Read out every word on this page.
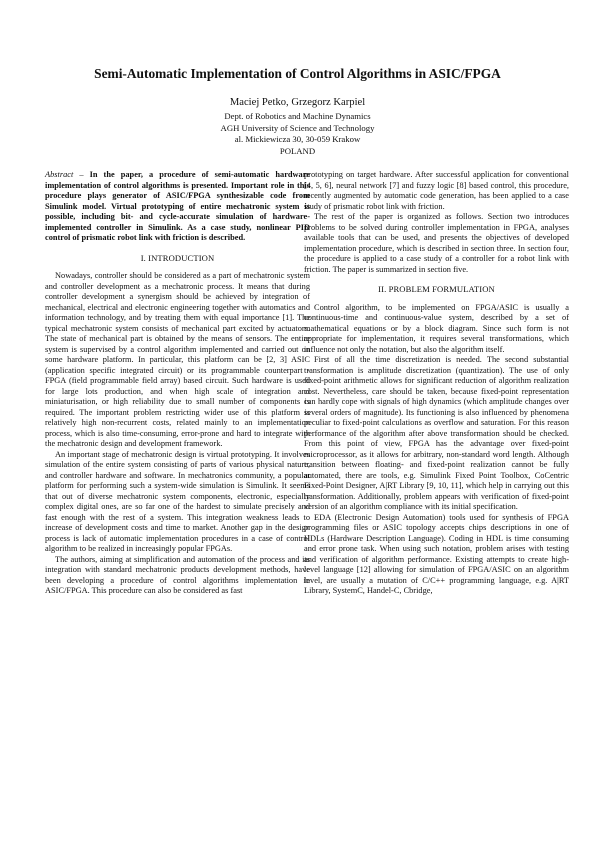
Semi-Automatic Implementation of Control Algorithms in ASIC/FPGA
Maciej Petko, Grzegorz Karpiel
Dept. of Robotics and Machine Dynamics
AGH University of Science and Technology
al. Mickiewicza 30, 30-059 Krakow
POLAND

Abstract – In the paper, a procedure of semi-automatic hardware implementation of control algorithms is presented. Important role in this procedure plays generator of ASIC/FPGA synthesizable code from Simulink model. Virtual prototyping of entire mechatronic system is possible, including bit- and cycle-accurate simulation of hardware-implemented controller in Simulink. As a case study, nonlinear PID control of prismatic robot link with friction is described.

I. INTRODUCTION

Nowadays, controller should be considered as a part of mechatronic system and controller development as a mechatronic process. It means that during controller development a synergism should be achieved by integration of mechanical, electrical and electronic engineering together with automatics and information technology, and by treating them with equal importance [1]. The typical mechatronic system consists of mechanical part excited by actuators. The state of mechanical part is obtained by the means of sensors. The entire system is supervised by a control algorithm implemented and carried out on some hardware platform. In particular, this platform can be [2, 3] ASIC (application specific integrated circuit) or its programmable counterpart - FPGA (field programmable field array) based circuit. Such hardware is used for large lots production, and when high scale of integration and miniaturisation, or high reliability due to small number of components is required. The important problem restricting wider use of this platform is relatively high non-recurrent costs, related mainly to an implementation process, which is also time-consuming, error-prone and hard to integrate with the mechatronic design and development framework.

An important stage of mechatronic design is virtual prototyping. It involves simulation of the entire system consisting of parts of various physical nature, and controller hardware and software. In mechatronics community, a popular platform for performing such a system-wide simulation is Simulink. It seems that out of diverse mechatronic system components, electronic, especially complex digital ones, are so far one of the hardest to simulate precisely and fast enough with the rest of a system. This integration weakness leads to increase of development costs and time to market. Another gap in the design process is lack of automatic implementation procedures in a case of control algorithm to be realized in increasingly popular FPGAs.

The authors, aiming at simplification and automation of the process and its integration with standard mechatronic products development methods, have been developing a procedure of control algorithms implementation in ASIC/FPGA. This procedure can also be considered as fast

prototyping on target hardware. After successful application for conventional [4, 5, 6], neural network [7] and fuzzy logic [8] based control, this procedure, recently augmented by automatic code generation, has been applied to a case study of prismatic robot link with friction.

The rest of the paper is organized as follows. Section two introduces problems to be solved during controller implementation in FPGA, analyses available tools that can be used, and presents the objectives of developed implementation procedure, which is described in section three. In section four, the procedure is applied to a case study of a controller for a robot link with friction. The paper is summarized in section five.

II. PROBLEM FORMULATION

Control algorithm, to be implemented on FPGA/ASIC is usually a continuous-time and continuous-value system, described by a set of mathematical equations or by a block diagram. Since such form is not appropriate for implementation, it requires several transformations, which influence not only the notation, but also the algorithm itself.

First of all the time discretization is needed. The second substantial transformation is amplitude discretization (quantization). The use of only fixed-point arithmetic allows for significant reduction of algorithm realization cost. Nevertheless, care should be taken, because fixed-point representation can hardly cope with signals of high dynamics (which amplitude changes over several orders of magnitude). Its functioning is also influenced by phenomena peculiar to fixed-point calculations as overflow and saturation. For this reason performance of the algorithm after above transformation should be checked. From this point of view, FPGA has the advantage over fixed-point microprocessor, as it allows for arbitrary, non-standard word length. Although transition between floating- and fixed-point realization cannot be fully automated, there are tools, e.g. Simulink Fixed Point Toolbox, CoCentric Fixed-Point Designer, A|RT Library [9, 10, 11], which help in carrying out this transformation. Additionally, problem appears with verification of fixed-point version of an algorithm compliance with its initial specification.

EDA (Electronic Design Automation) tools used for synthesis of FPGA programming files or ASIC topology accepts chips descriptions in one of HDLs (Hardware Description Language). Coding in HDL is time consuming and error prone task. When using such notation, problem arises with testing and verification of algorithm performance. Existing attempts to create high-level language [12] allowing for simulation of FPGA/ASIC on an algorithm level, are usually a mutation of C/C++ programming language, e.g. A|RT Library, SystemC, Handel-C, Cbridge,
